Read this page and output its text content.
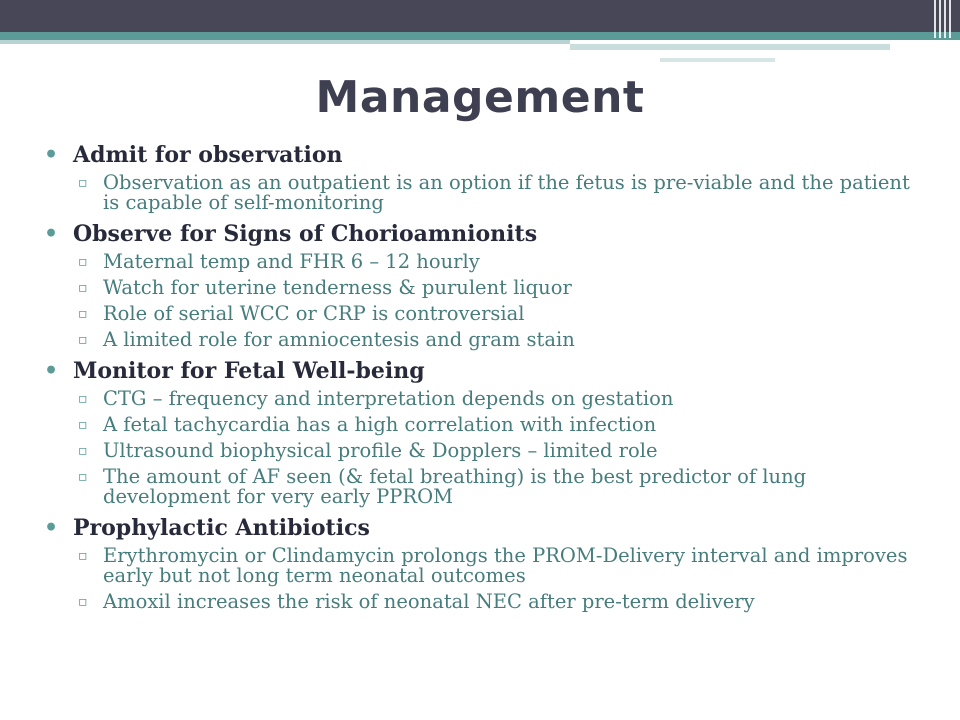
Management

• Admit for observation

▫ Observation as an outpatient is an option if the fetus is pre-viable and the patient is capable of self-monitoring

• Observe for Signs of Chorioamnionits

▫ Maternal temp and FHR 6 – 12 hourly

▫ Watch for uterine tenderness & purulent liquor

▫ Role of serial WCC or CRP is controversial

▫ A limited role for amniocentesis and gram stain

• Monitor for Fetal Well-being

▫ CTG – frequency and interpretation depends on gestation

▫ A fetal tachycardia has a high correlation with infection

▫ Ultrasound biophysical profile & Dopplers – limited role

▫ The amount of AF seen (& fetal breathing) is the best predictor of lung development for very early PPROM

• Prophylactic Antibiotics

▫ Erythromycin or Clindamycin prolongs the PROM-Delivery interval and improves early but not long term neonatal outcomes

▫ Amoxil increases the risk of neonatal NEC after pre-term delivery
